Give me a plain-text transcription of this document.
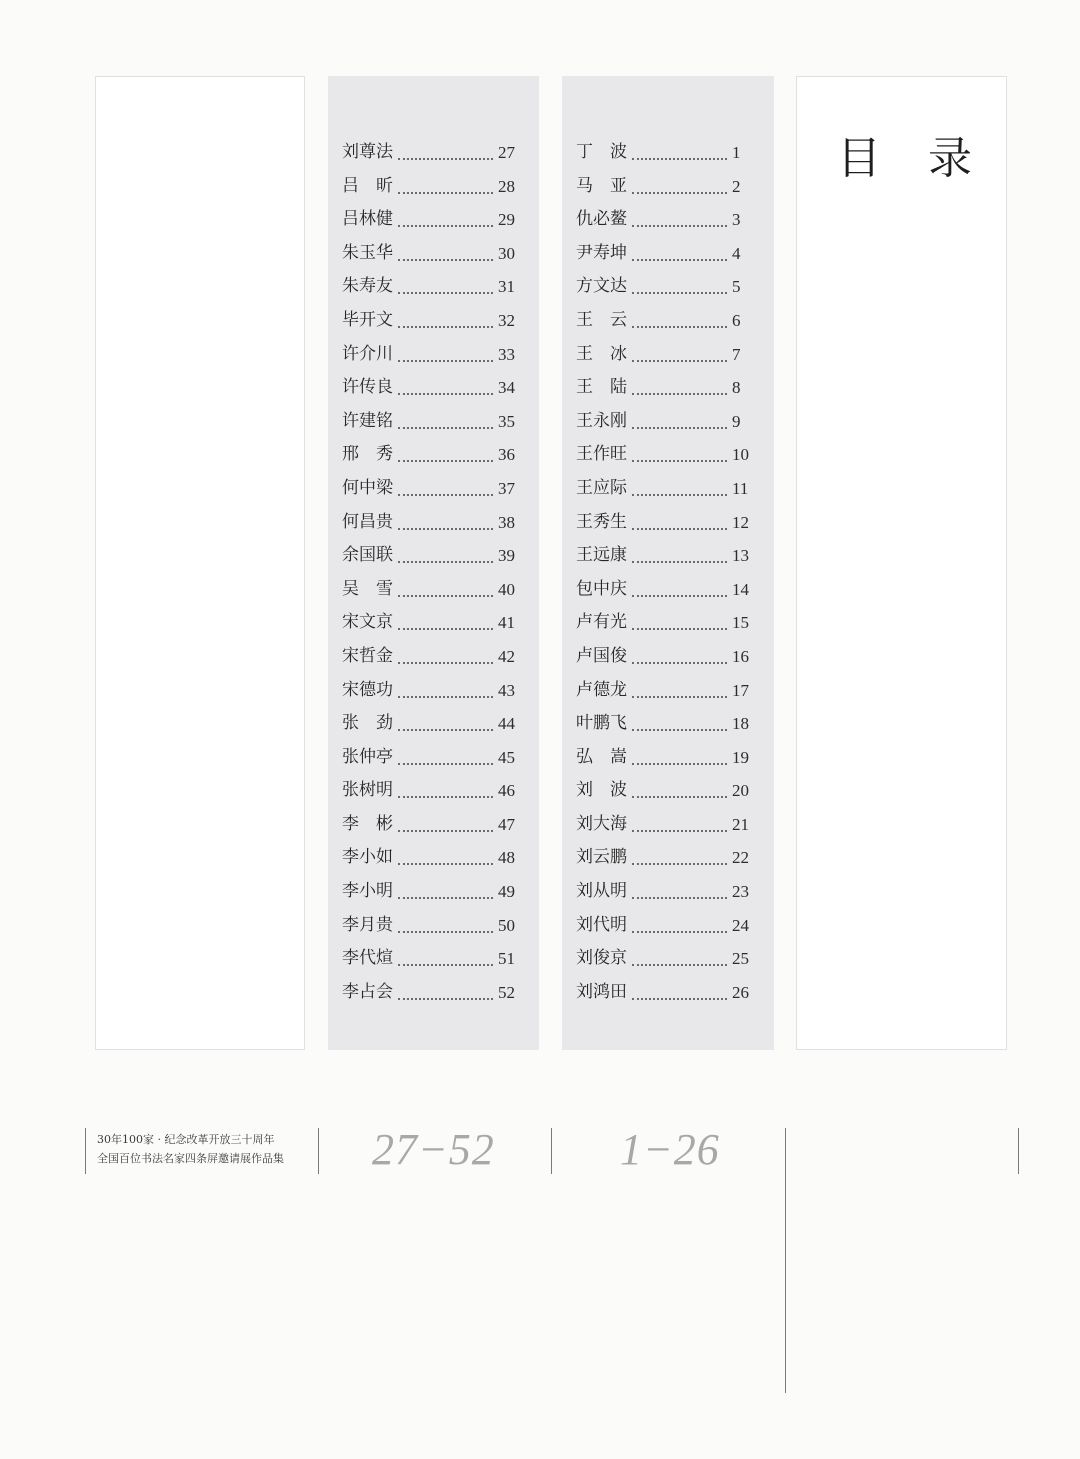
刘尊法	27
吕　昕	28
吕林健	29
朱玉华	30
朱寿友	31
毕开文	32
许介川	33
许传良	34
许建铭	35
邢　秀	36
何中梁	37
何昌贵	38
余国联	39
吴　雪	40
宋文京	41
宋哲金	42
宋德功	43
张　劲	44
张仲亭	45
张树明	46
李　彬	47
李小如	48
李小明	49
李月贵	50
李代煊	51
李占会	52
丁　波	1
马　亚	2
仇必鳌	3
尹寿坤	4
方文达	5
王　云	6
王　冰	7
王　陆	8
王永刚	9
王作旺	10
王应际	11
王秀生	12
王远康	13
包中庆	14
卢有光	15
卢国俊	16
卢德龙	17
叶鹏飞	18
弘　嵩	19
刘　波	20
刘大海	21
刘云鹏	22
刘从明	23
刘代明	24
刘俊京	25
刘鸿田	26
目 录
30年100家 · 纪念改革开放三十周年
全国百位书法名家四条屏邀请展作品集 27−52	1−26
